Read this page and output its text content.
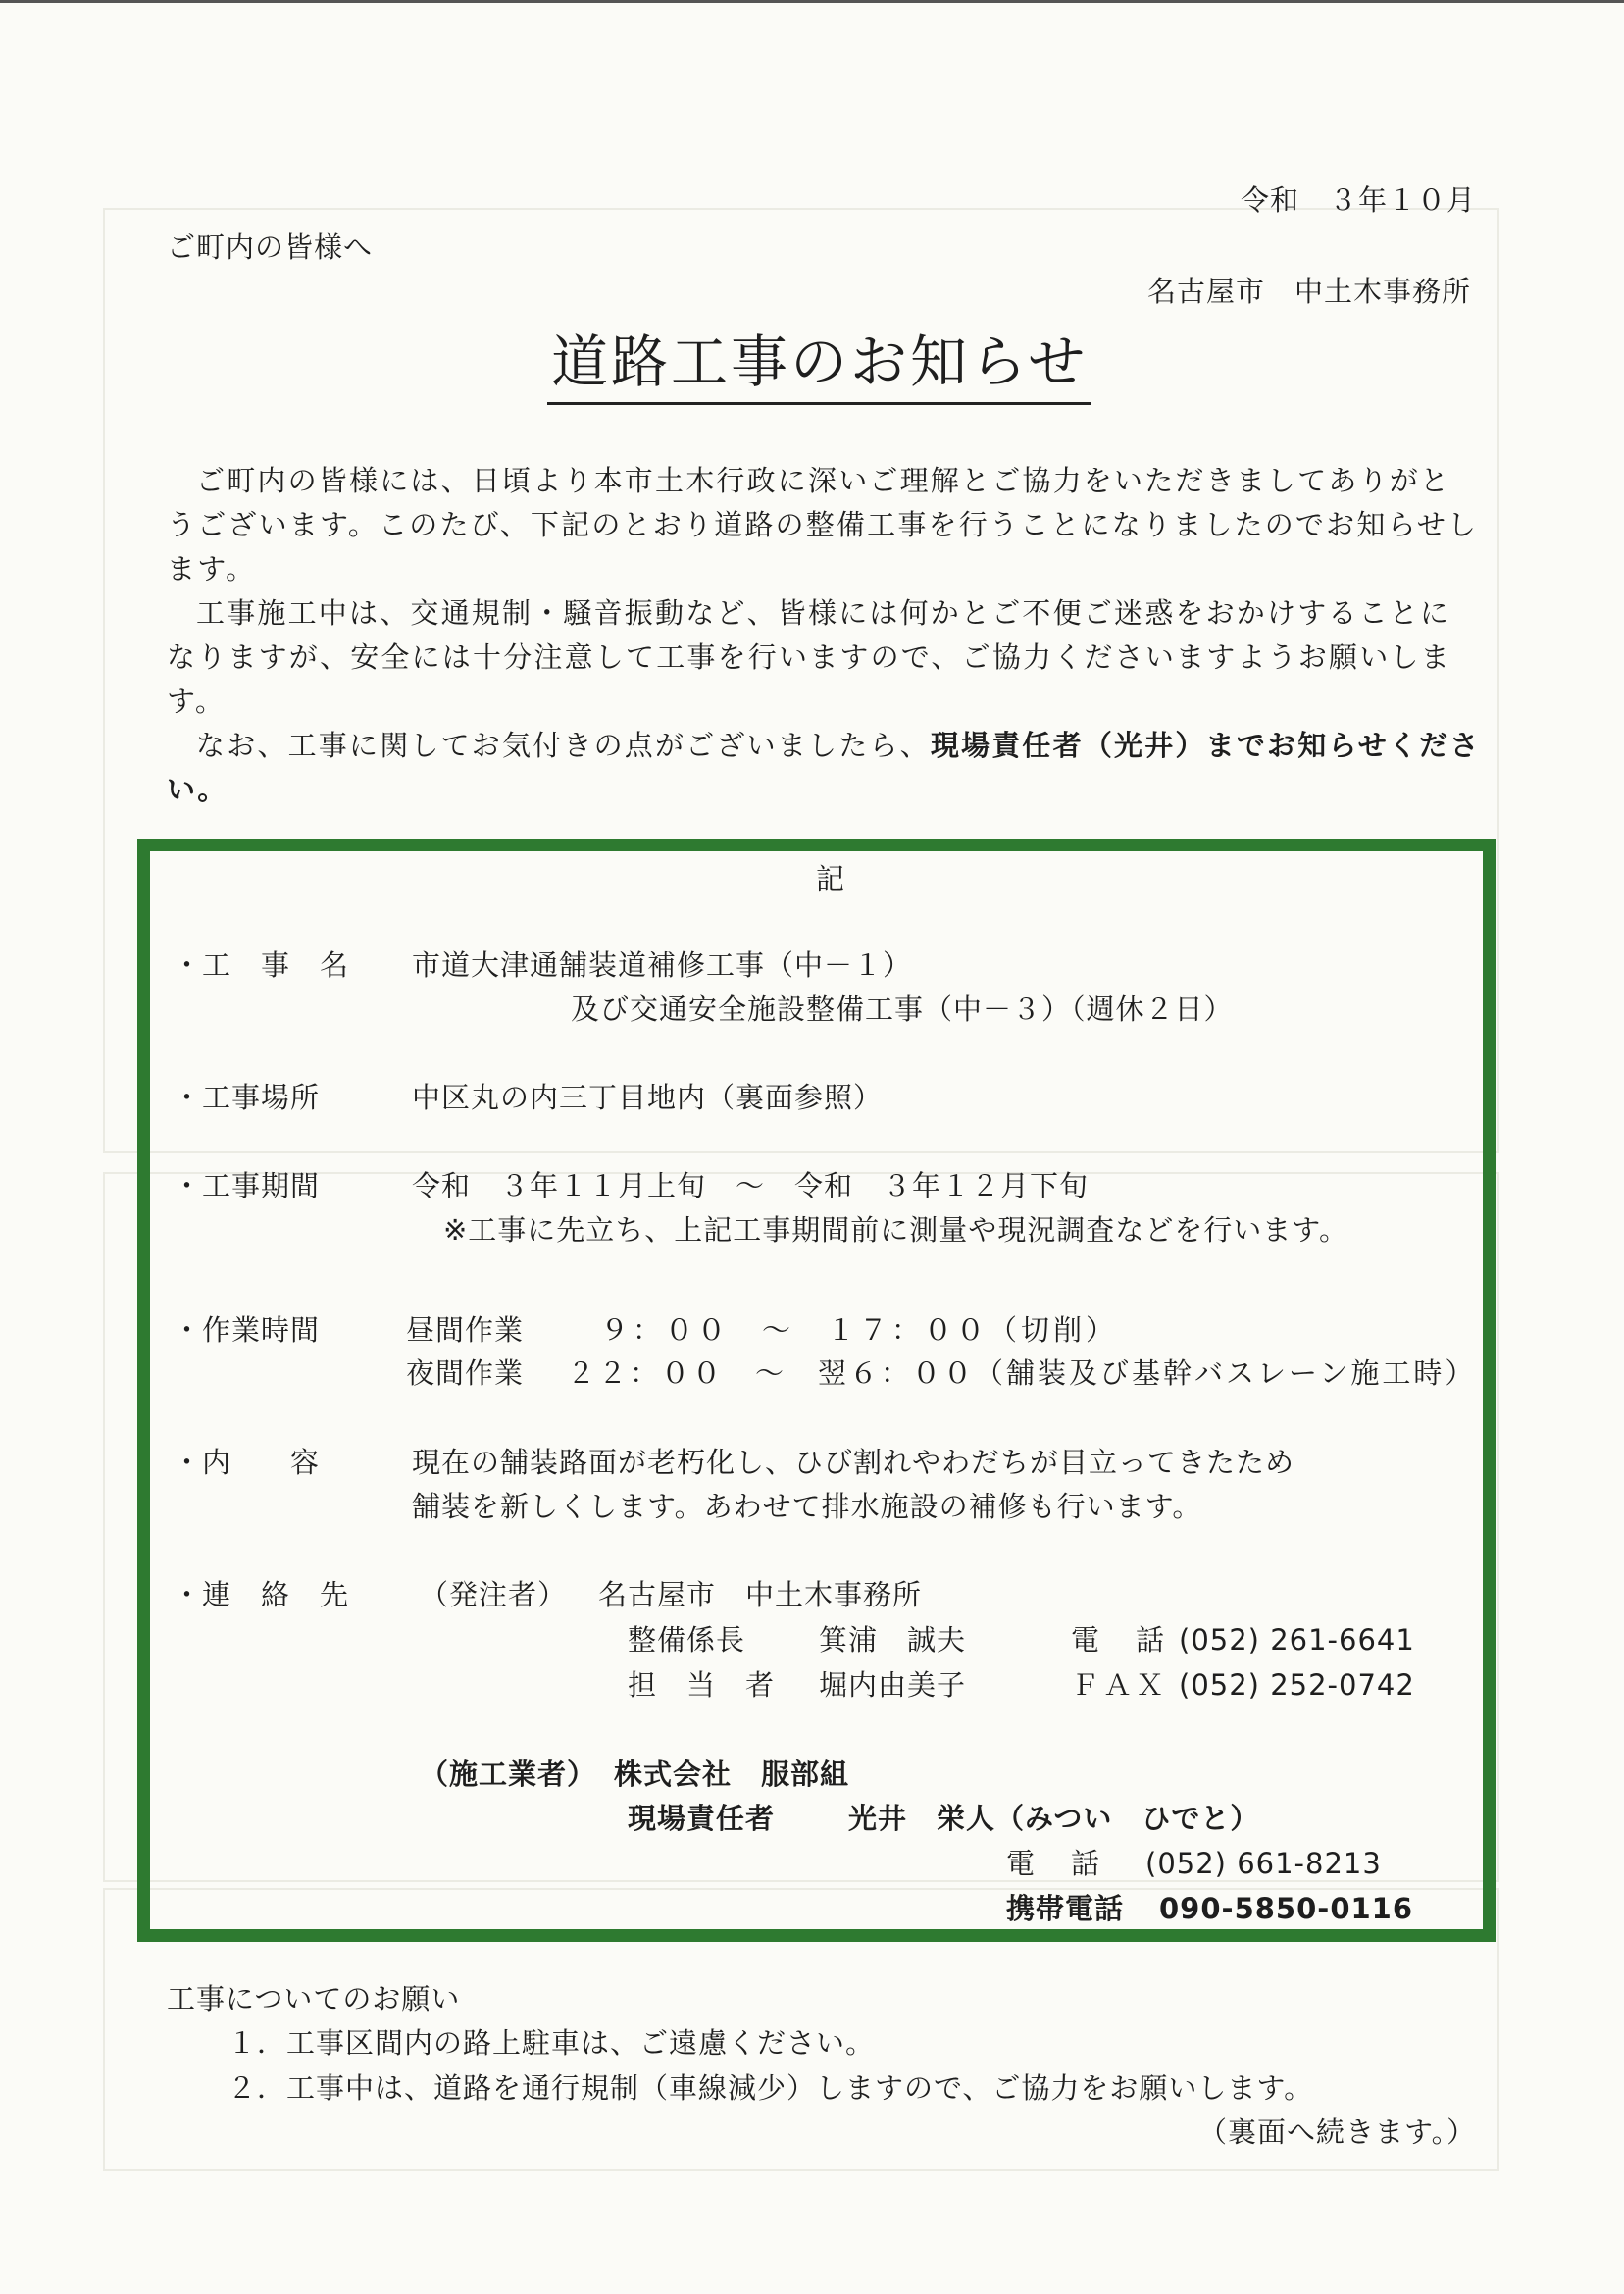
令和　３年１０月
ご町内の皆様へ
名古屋市　中土木事務所
道路工事のお知らせ

ご町内の皆様には、日頃より本市土木行政に深いご理解とご協力をいただきましてありがとうございます。このたび、下記のとおり道路の整備工事を行うことになりましたのでお知らせします。

工事施工中は、交通規制・騒音振動など、皆様には何かとご不便ご迷惑をおかけすることになりますが、安全には十分注意して工事を行いますので、ご協力くださいますようお願いします。

なお、工事に関してお気付きの点がございましたら、現場責任者（光井）までお知らせください。

記
・工　事　名 市道大津通舗装道補修工事（中－１）
及び交通安全施設整備工事（中－３）（週休２日）
・工事場所	中区丸の内三丁目地内（裏面参照）
・工事期間	令和　３年１１月上旬　～　令和　３年１２月下旬
※工事に先立ち、上記工事期間前に測量や現況調査などを行います。
・作業時間	昼間作業	９：００　～　１７：００（切削）
夜間作業 ２２：００　～　翌６：００（舗装及び基幹バスレーン施工時）
・内　　容	現在の舗装路面が老朽化し、ひび割れやわだちが目立ってきたため
舗装を新しくします。あわせて排水施設の補修も行います。
・連　絡　先 （発注者） 名古屋市　中土木事務所
整備係長	箕浦　誠夫	電　話 (052) 261-6641
担　当　者 堀内由美子	ＦＡＸ (052) 252-0742
（施工業者） 株式会社　服部組
現場責任者	光井　栄人（みつい　ひでと）
電　話 (052) 661-8213
携帯電話 090-5850-0116
工事についてのお願い
１．工事区間内の路上駐車は、ご遠慮ください。
２．工事中は、道路を通行規制（車線減少）しますので、ご協力をお願いします。
（裏面へ続きます。）
